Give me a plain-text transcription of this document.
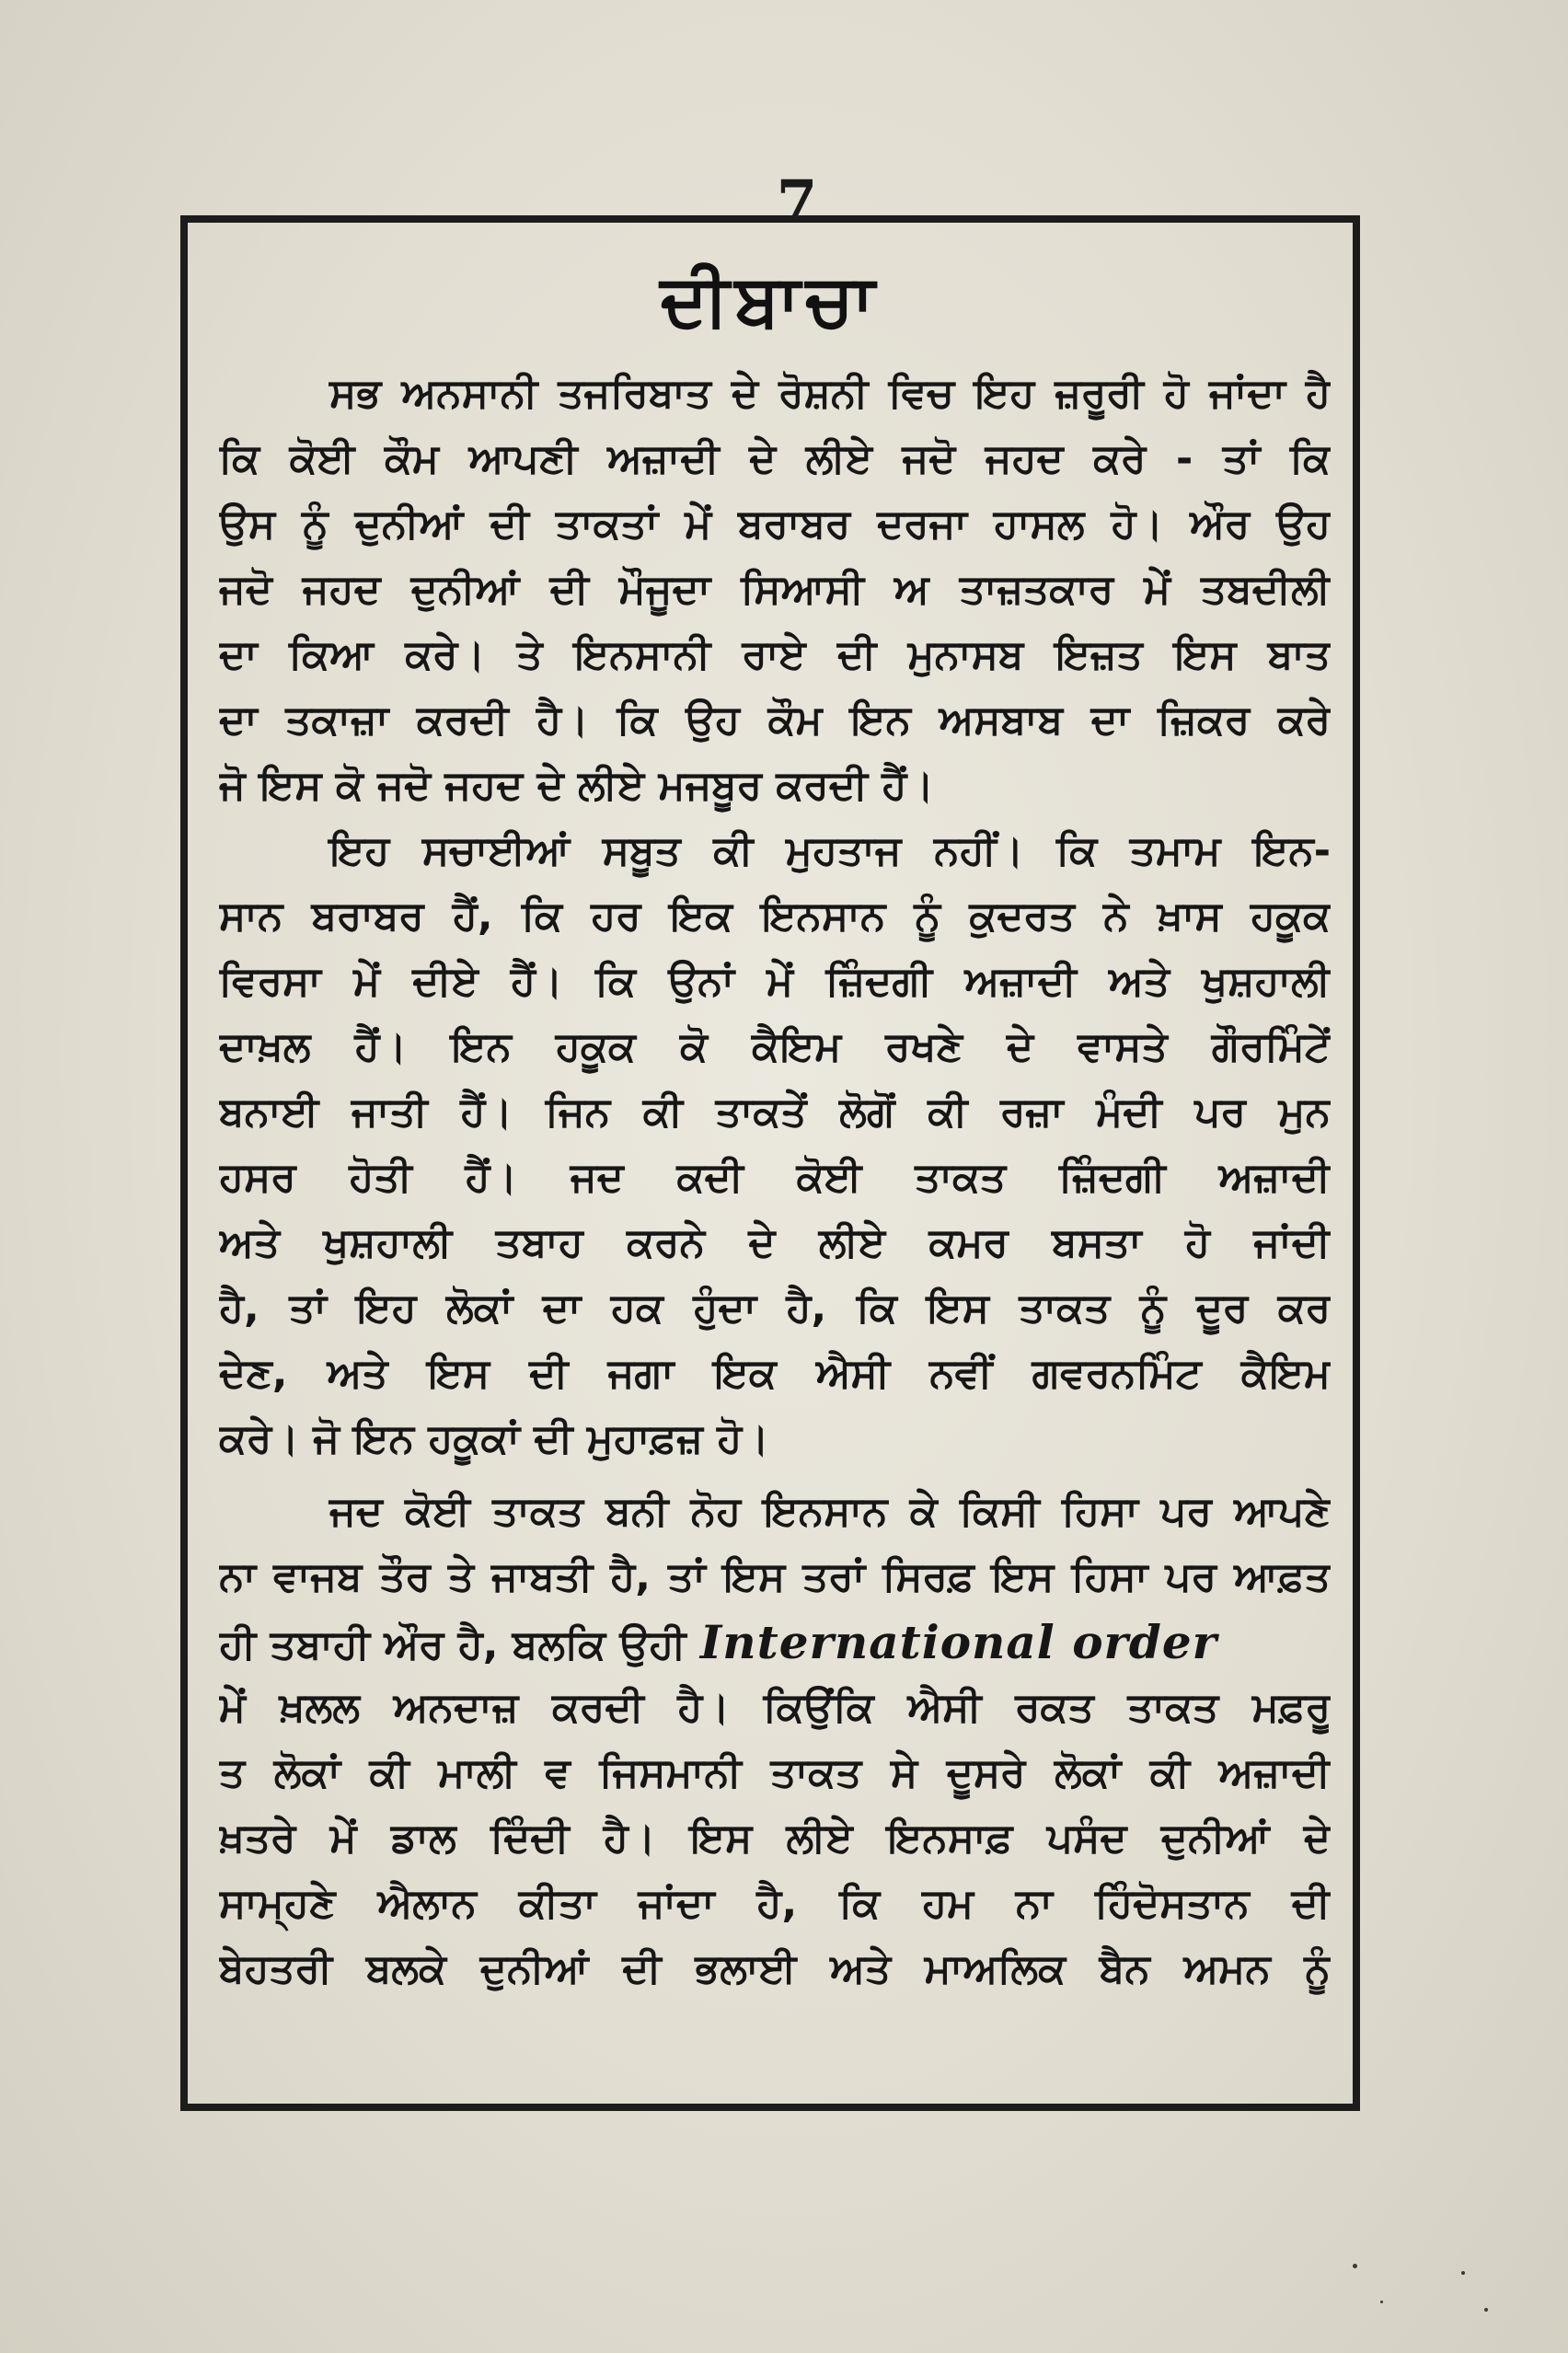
7
ਦੀਬਾਚਾ
ਸਭ ਅਨਸਾਨੀ ਤਜਰਿਬਾਤ ਦੇ ਰੋਸ਼ਨੀ ਵਿਚ ਇਹ ਜ਼ਰੂਰੀ ਹੋ ਜਾਂਦਾ ਹੈ
ਕਿ ਕੋਈ ਕੌਮ ਆਪਣੀ ਅਜ਼ਾਦੀ ਦੇ ਲੀਏ ਜਦੋ ਜਹਦ ਕਰੇ - ਤਾਂ ਕਿ
ਉਸ ਨੂੰ ਦੁਨੀਆਂ ਦੀ ਤਾਕਤਾਂ ਮੇਂ ਬਰਾਬਰ ਦਰਜਾ ਹਾਸਲ ਹੋ। ਔਰ ਉਹ
ਜਦੋ ਜਹਦ ਦੁਨੀਆਂ ਦੀ ਮੌਜੂਦਾ ਸਿਆਸੀ ਅ ਤਾਜ਼ਤਕਾਰ ਮੇਂ ਤਬਦੀਲੀ
ਦਾ ਕਿਆ ਕਰੇ। ਤੇ ਇਨਸਾਨੀ ਰਾਏ ਦੀ ਮੁਨਾਸਬ ਇਜ਼ਤ ਇਸ ਬਾਤ
ਦਾ ਤਕਾਜ਼ਾ ਕਰਦੀ ਹੈ। ਕਿ ਉਹ ਕੌਮ ਇਨ ਅਸਬਾਬ ਦਾ ਜ਼ਿਕਰ ਕਰੇ
ਜੋ ਇਸ ਕੋ ਜਦੋ ਜਹਦ ਦੇ ਲੀਏ ਮਜਬੂਰ ਕਰਦੀ ਹੈਂ।
ਇਹ ਸਚਾਈਆਂ ਸਬੂਤ ਕੀ ਮੁਹਤਾਜ ਨਹੀਂ। ਕਿ ਤਮਾਮ ਇਨ-
ਸਾਨ ਬਰਾਬਰ ਹੈਂ, ਕਿ ਹਰ ਇਕ ਇਨਸਾਨ ਨੂੰ ਕੁਦਰਤ ਨੇ ਖ਼ਾਸ ਹਕੂਕ
ਵਿਰਸਾ ਮੇਂ ਦੀਏ ਹੈਂ। ਕਿ ਉਨਾਂ ਮੇਂ ਜ਼ਿੰਦਗੀ ਅਜ਼ਾਦੀ ਅਤੇ ਖੁਸ਼ਹਾਲੀ
ਦਾਖ਼ਲ ਹੈਂ। ਇਨ ਹਕੂਕ ਕੋ ਕੈਇਮ ਰਖਣੇ ਦੇ ਵਾਸਤੇ ਗੌਰਮਿੰਟੇਂ
ਬਨਾਈ ਜਾਤੀ ਹੈਂ। ਜਿਨ ਕੀ ਤਾਕਤੇਂ ਲੋਗੋਂ ਕੀ ਰਜ਼ਾ ਮੰਦੀ ਪਰ ਮੁਨ
ਹਸਰ ਹੋਤੀ ਹੈਂ। ਜਦ ਕਦੀ ਕੋਈ ਤਾਕਤ ਜ਼ਿੰਦਗੀ ਅਜ਼ਾਦੀ
ਅਤੇ ਖੁਸ਼ਹਾਲੀ ਤਬਾਹ ਕਰਨੇ ਦੇ ਲੀਏ ਕਮਰ ਬਸਤਾ ਹੋ ਜਾਂਦੀ
ਹੈ, ਤਾਂ ਇਹ ਲੋਕਾਂ ਦਾ ਹਕ ਹੁੰਦਾ ਹੈ, ਕਿ ਇਸ ਤਾਕਤ ਨੂੰ ਦੂਰ ਕਰ
ਦੇਣ, ਅਤੇ ਇਸ ਦੀ ਜਗਾ ਇਕ ਐਸੀ ਨਵੀਂ ਗਵਰਨਮਿੰਟ ਕੈਇਮ
ਕਰੇ। ਜੋ ਇਨ ਹਕੂਕਾਂ ਦੀ ਮੁਹਾਫ਼ਜ਼ ਹੋ।
ਜਦ ਕੋਈ ਤਾਕਤ ਬਨੀ ਨੋਹ ਇਨਸਾਨ ਕੇ ਕਿਸੀ ਹਿਸਾ ਪਰ ਆਪਣੇ
ਨਾ ਵਾਜਬ ਤੌਰ ਤੇ ਜਾਬਤੀ ਹੈ, ਤਾਂ ਇਸ ਤਰਾਂ ਸਿਰਫ਼ ਇਸ ਹਿਸਾ ਪਰ ਆਫ਼ਤ
ਹੀ ਤਬਾਹੀ ਔਰ ਹੈ, ਬਲਕਿ ਉਹੀ International order
ਮੇਂ ਖ਼ਲਲ ਅਨਦਾਜ਼ ਕਰਦੀ ਹੈ। ਕਿਉਂਕਿ ਐਸੀ ਰਕਤ ਤਾਕਤ ਮਫ਼ਰੂ
ਤ ਲੋਕਾਂ ਕੀ ਮਾਲੀ ਵ ਜਿਸਮਾਨੀ ਤਾਕਤ ਸੇ ਦੂਸਰੇ ਲੋਕਾਂ ਕੀ ਅਜ਼ਾਦੀ
ਖ਼ਤਰੇ ਮੇਂ ਡਾਲ ਦਿੰਦੀ ਹੈ। ਇਸ ਲੀਏ ਇਨਸਾਫ਼ ਪਸੰਦ ਦੁਨੀਆਂ ਦੇ
ਸਾਮ੍ਹਣੇ ਐਲਾਨ ਕੀਤਾ ਜਾਂਦਾ ਹੈ, ਕਿ ਹਮ ਨਾ ਹਿੰਦੋਸਤਾਨ ਦੀ
ਬੇਹਤਰੀ ਬਲਕੇ ਦੁਨੀਆਂ ਦੀ ਭਲਾਈ ਅਤੇ ਮਾਅਲਿਕ ਬੈਨ ਅਮਨ ਨੂੰ
